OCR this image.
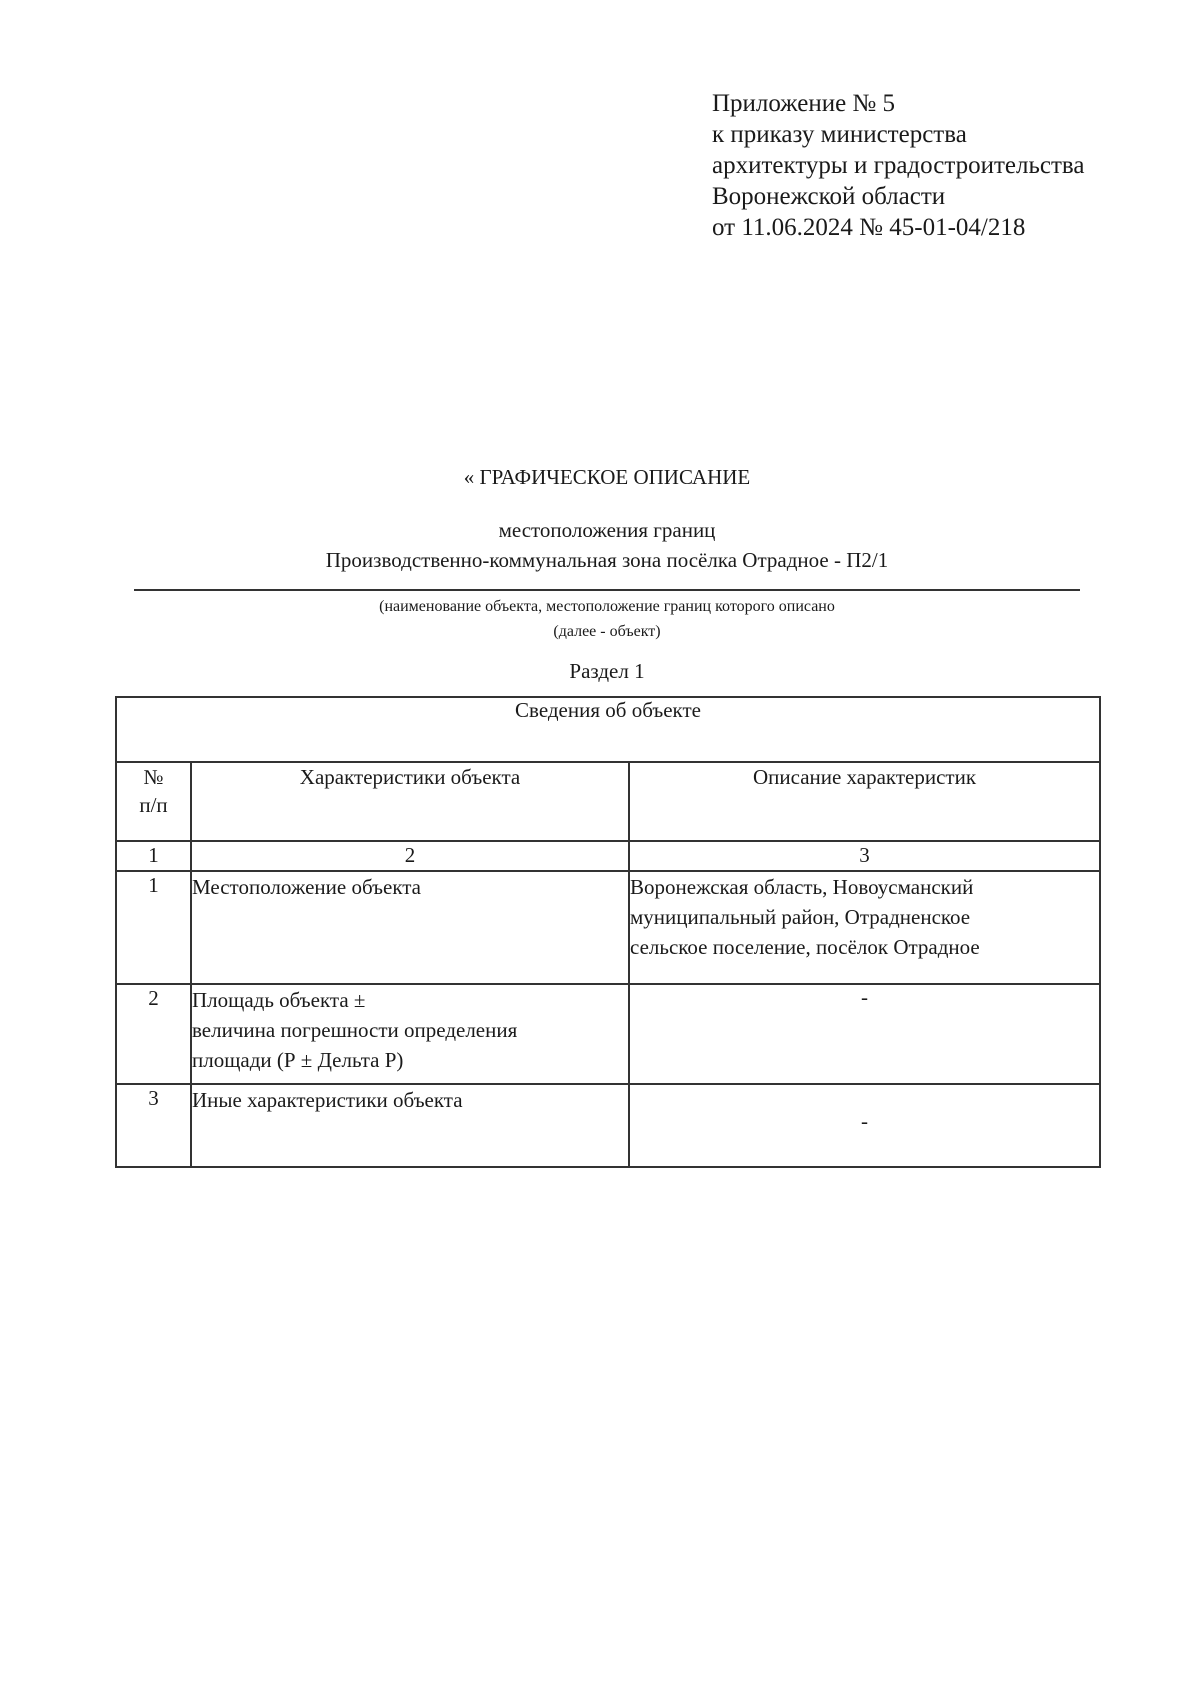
Приложение № 5
к приказу министерства
архитектуры и градостроительства
Воронежской области
от 11.06.2024 № 45-01-04/218
« ГРАФИЧЕСКОЕ ОПИСАНИЕ
местоположения границ
Производственно-коммунальная зона посёлка Отрадное - П2/1
(наименование объекта, местоположение границ которого описано
(далее - объект)
Раздел 1
Сведения об объекте		
№
п/п	Характеристики объекта	Описание характеристик
1	2	3
1	Местоположение объекта	Воронежская область, Новоусманский
муниципальный район, Отрадненское
сельское поселение, посёлок Отрадное
2	Площадь объекта ±
величина погрешности определения
площади (Р ± Дельта Р)	-
3	Иные характеристики объекта	-
